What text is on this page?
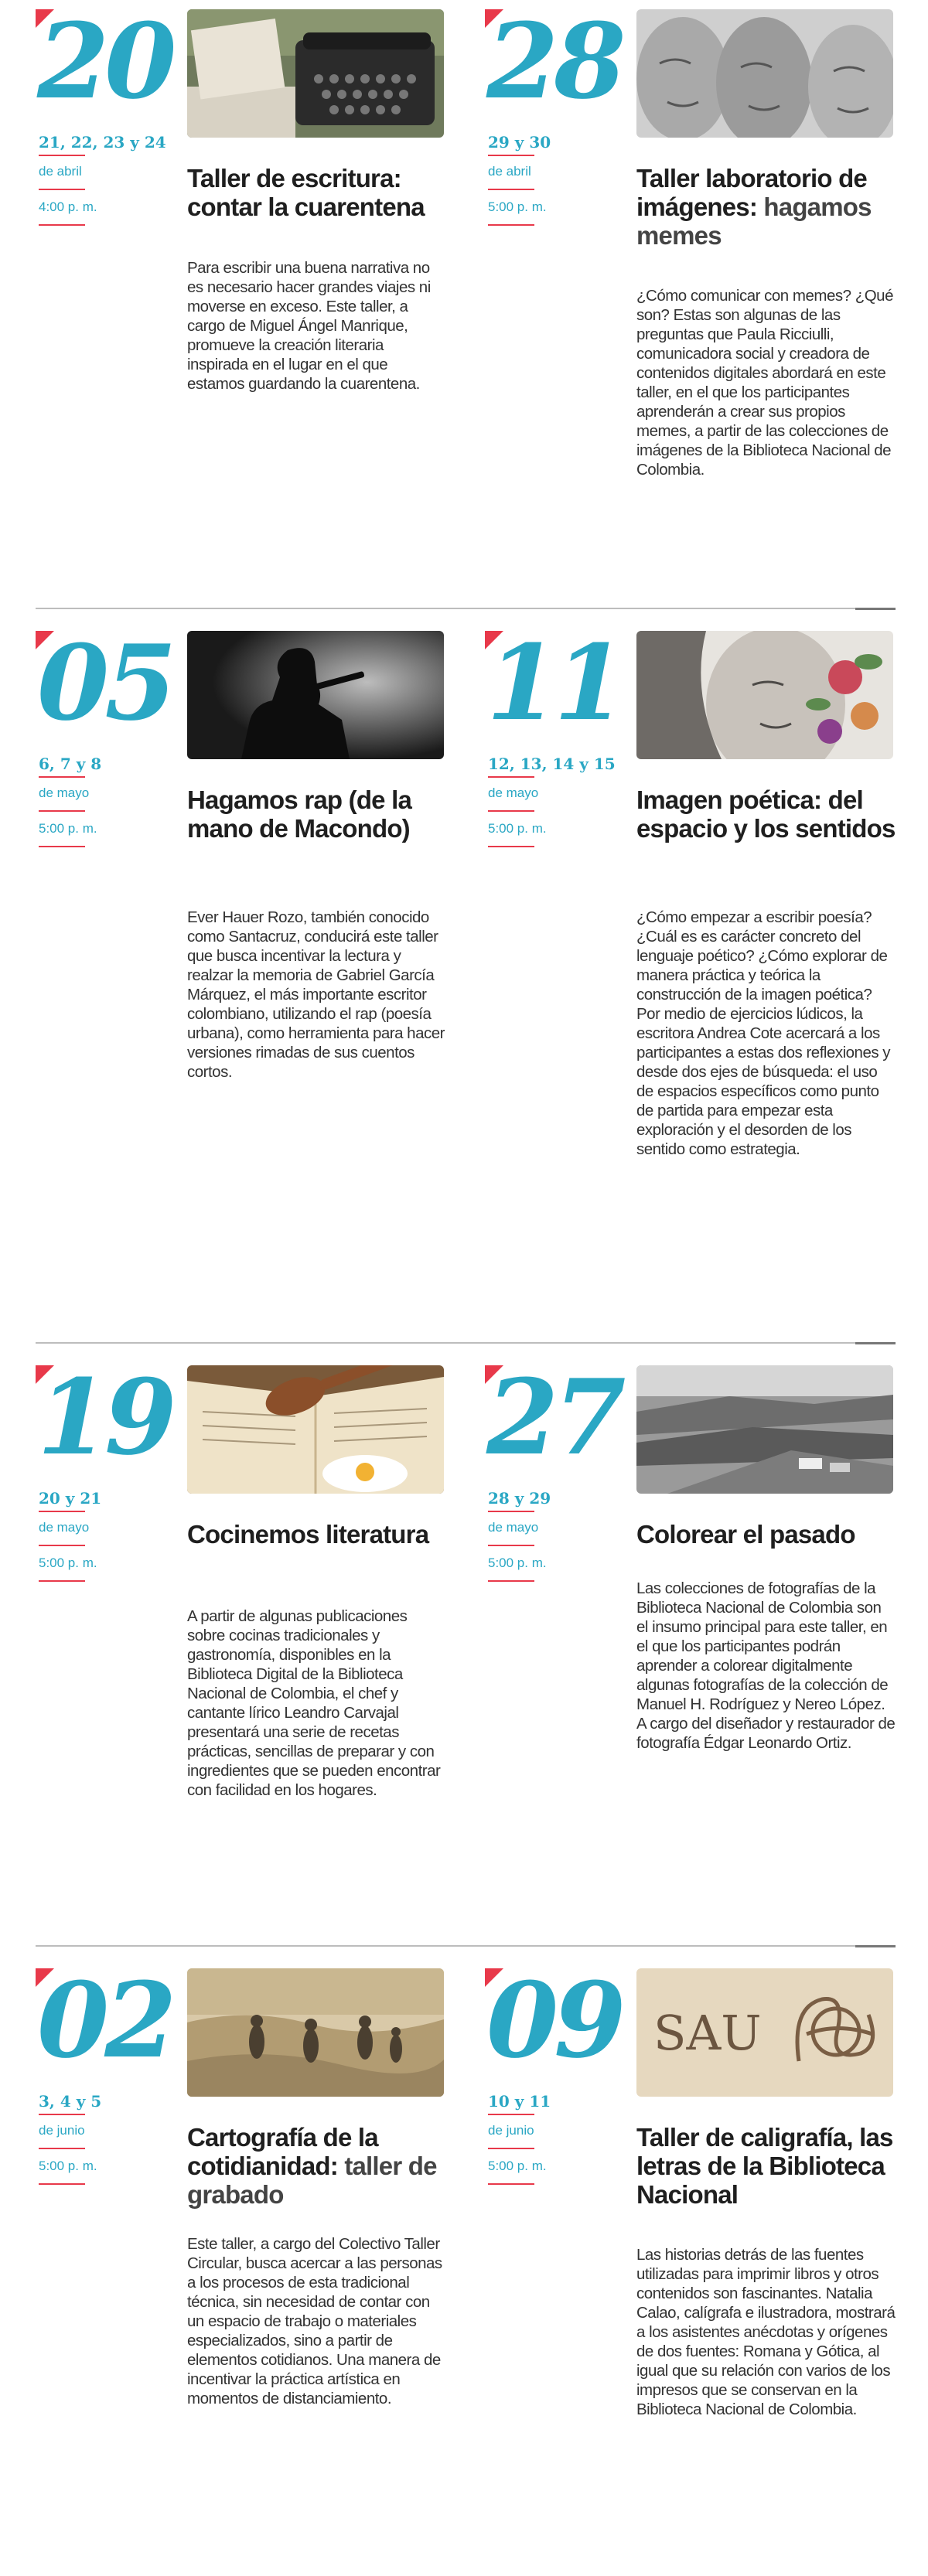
20
21, 22, 23 y 24
de abril
4:00 p. m.
Taller de escritura: contar la cuarentena
Para escribir una buena narrativa no es necesario hacer grandes viajes ni moverse en exceso. Este taller, a cargo de Miguel Ángel Manrique, promueve la creación literaria inspirada en el lugar en el que estamos guardando la cuarentena.
28
29 y 30
de abril
5:00 p. m.
Taller laboratorio de imágenes: hagamos memes
¿Cómo comunicar con memes? ¿Qué son? Estas son algunas de las preguntas que Paula Ricciulli, comunicadora social y creadora de contenidos digitales abordará en este taller, en el que los participantes aprenderán a crear sus propios memes, a partir de las colecciones de imágenes de la Biblioteca Nacional de Colombia.
05
6, 7 y 8
de mayo
5:00 p. m.
Hagamos rap (de la mano de Macondo)
Ever Hauer Rozo, también conocido como Santacruz, conducirá este taller que busca incentivar la lectura y realzar la memoria de Gabriel García Márquez, el más importante escritor colombiano, utilizando el rap (poesía urbana), como herramienta para hacer versiones rimadas de sus cuentos cortos.
11
12, 13, 14 y 15
de mayo
5:00 p. m.
Imagen poética: del espacio y los sentidos
¿Cómo empezar a escribir poesía? ¿Cuál es es carácter concreto del lenguaje poético? ¿Cómo explorar de manera práctica y teórica la construcción de la imagen poética? Por medio de ejercicios lúdicos, la escritora Andrea Cote acercará a los participantes a estas dos reflexiones y desde dos ejes de búsqueda: el uso de espacios específicos como punto de partida para empezar esta exploración y el desorden de los sentido como estrategia.
19
20 y 21
de mayo
5:00 p. m.
Cocinemos literatura
A partir de algunas publicaciones sobre cocinas tradicionales y gastronomía, disponibles en la Biblioteca Digital de la Biblioteca Nacional de Colombia, el chef y cantante lírico Leandro Carvajal presentará una serie de recetas prácticas, sencillas de preparar y con ingredientes que se pueden encontrar con facilidad en los hogares.
27
28 y 29
de mayo
5:00 p. m.
Colorear el pasado
Las colecciones de fotografías de la Biblioteca Nacional de Colombia son el insumo principal para este taller, en el que los participantes podrán aprender a colorear digitalmente algunas fotografías de la colección de Manuel H. Rodríguez y Nereo López. A cargo del diseñador y restaurador de fotografía Édgar Leonardo Ortiz.
02
3, 4 y 5
de junio
5:00 p. m.
Cartografía de la cotidianidad: taller de grabado
Este taller, a cargo del Colectivo Taller Circular, busca acercar a las personas a los procesos de esta tradicional técnica, sin necesidad de contar con un espacio de trabajo o materiales especializados, sino a partir de elementos cotidianos. Una manera de incentivar la práctica artística en momentos de distanciamiento.
09
10 y 11
de junio
5:00 p. m.
SAU
Taller de caligrafía, las letras de la Biblioteca Nacional
Las historias detrás de las fuentes utilizadas para imprimir libros y otros contenidos son fascinantes. Natalia Calao, calígrafa e ilustradora, mostrará a los asistentes anécdotas y orígenes de dos fuentes: Romana y Gótica, al igual que su relación con varios de los impresos que se conservan en la Biblioteca Nacional de Colombia.
